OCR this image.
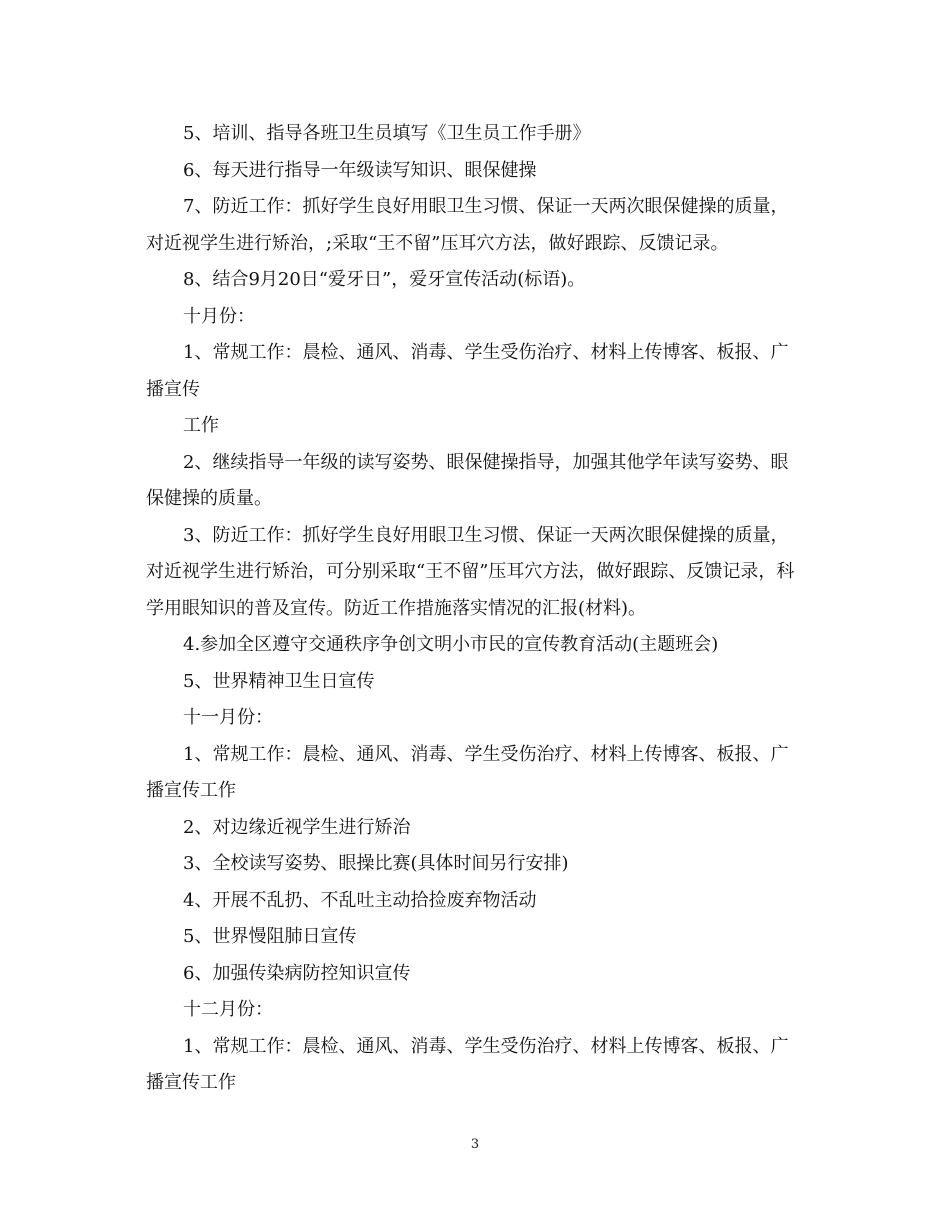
5、培训、指导各班卫生员填写《卫生员工作手册》

6、每天进行指导一年级读写知识、眼保健操

7、防近工作：抓好学生良好用眼卫生习惯、保证一天两次眼保健操的质量，对近视学生进行矫治，;采取“王不留”压耳穴方法，做好跟踪、反馈记录。

8、结合9月20日“爱牙日”，爱牙宣传活动(标语)。

十月份：

1、常规工作：晨检、通风、消毒、学生受伤治疗、材料上传博客、板报、广播宣传

工作

2、继续指导一年级的读写姿势、眼保健操指导，加强其他学年读写姿势、眼保健操的质量。

3、防近工作：抓好学生良好用眼卫生习惯、保证一天两次眼保健操的质量，对近视学生进行矫治，可分别采取“王不留”压耳穴方法，做好跟踪、反馈记录，科学用眼知识的普及宣传。防近工作措施落实情况的汇报(材料)。

4.参加全区遵守交通秩序争创文明小市民的宣传教育活动(主题班会)

5、世界精神卫生日宣传

十一月份：

1、常规工作：晨检、通风、消毒、学生受伤治疗、材料上传博客、板报、广播宣传工作

2、对边缘近视学生进行矫治

3、全校读写姿势、眼操比赛(具体时间另行安排)

4、开展不乱扔、不乱吐主动拾捡废弃物活动

5、世界慢阻肺日宣传

6、加强传染病防控知识宣传

十二月份：

1、常规工作：晨检、通风、消毒、学生受伤治疗、材料上传博客、板报、广播宣传工作

3
